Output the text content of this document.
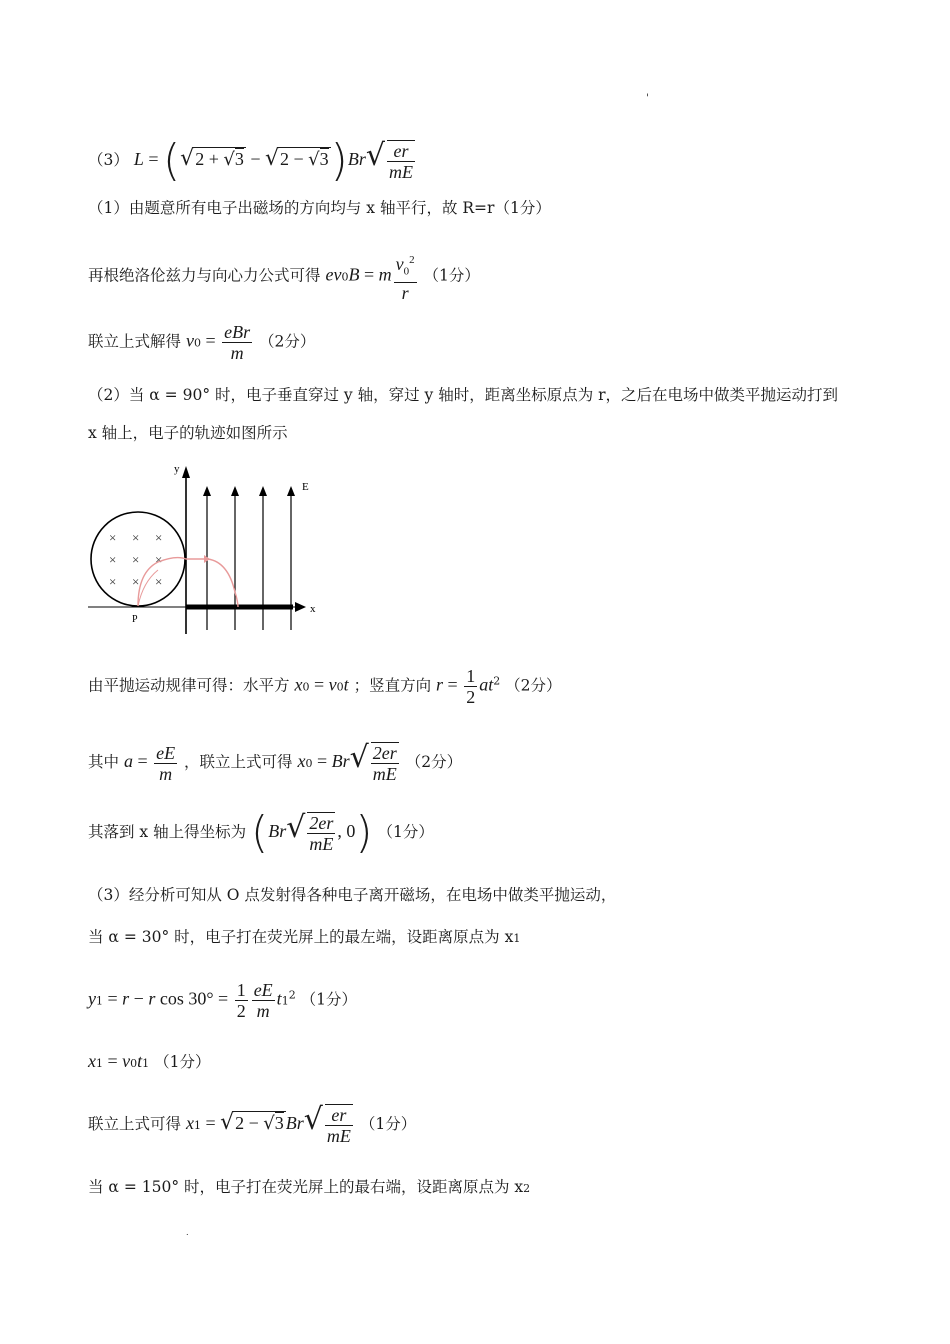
'
（3） $L = (√2 + √3 - √2 - √3)Br√ \frac{er}{mE}$
（1）由题意所有电子出磁场的方向均与 x 轴平行，故 R=r（1分）
再根绝洛伦兹力与向心力公式可得 ev0B = m $\frac{v_0^2}{r} (1$分）
联立上式解得 $v0 = \frac{\text{eBr}}{m} (2$分）
（2）当 α = 90° 时，电子垂直穿过 y 轴，穿过 y 轴时，距离坐标原点为 r，之后在电场中做类平抛运动打到
x 轴上，电子的轨迹如图所示
y
x
E
× × ×
× × ×
× × ×
P
由平抛运动规律可得：水平方 x0 = v0t ；竖直方向 $r = \frac{1}{2} at^2$ （2分）
其中 $a = \frac{eE}{m}$ ，联立上式可得 $x0 = Br√ \frac{2er}{mE} (2$分）
其落到 x 轴上得坐标为 ($Br√ \frac{2er}{mE}$ , 0) （1分）
（3）经分析可知从 O 点发射得各种电子离开磁场，在电场中做类平抛运动，
当 α = 30° 时，电子打在荧光屏上的最左端，设距离原点为 x1
y1 = r − r $\cos 30^\circ = \frac{1}{2} \frac{eE}{m} t1^2$ （1分）
x1 = v0t1 （1分）
联立上式可得 x1 = √2 − √3 $Br√ \frac{er}{mE} (1$分）
当 α = 150° 时，电子打在荧光屏上的最右端，设距离原点为 x2
.
